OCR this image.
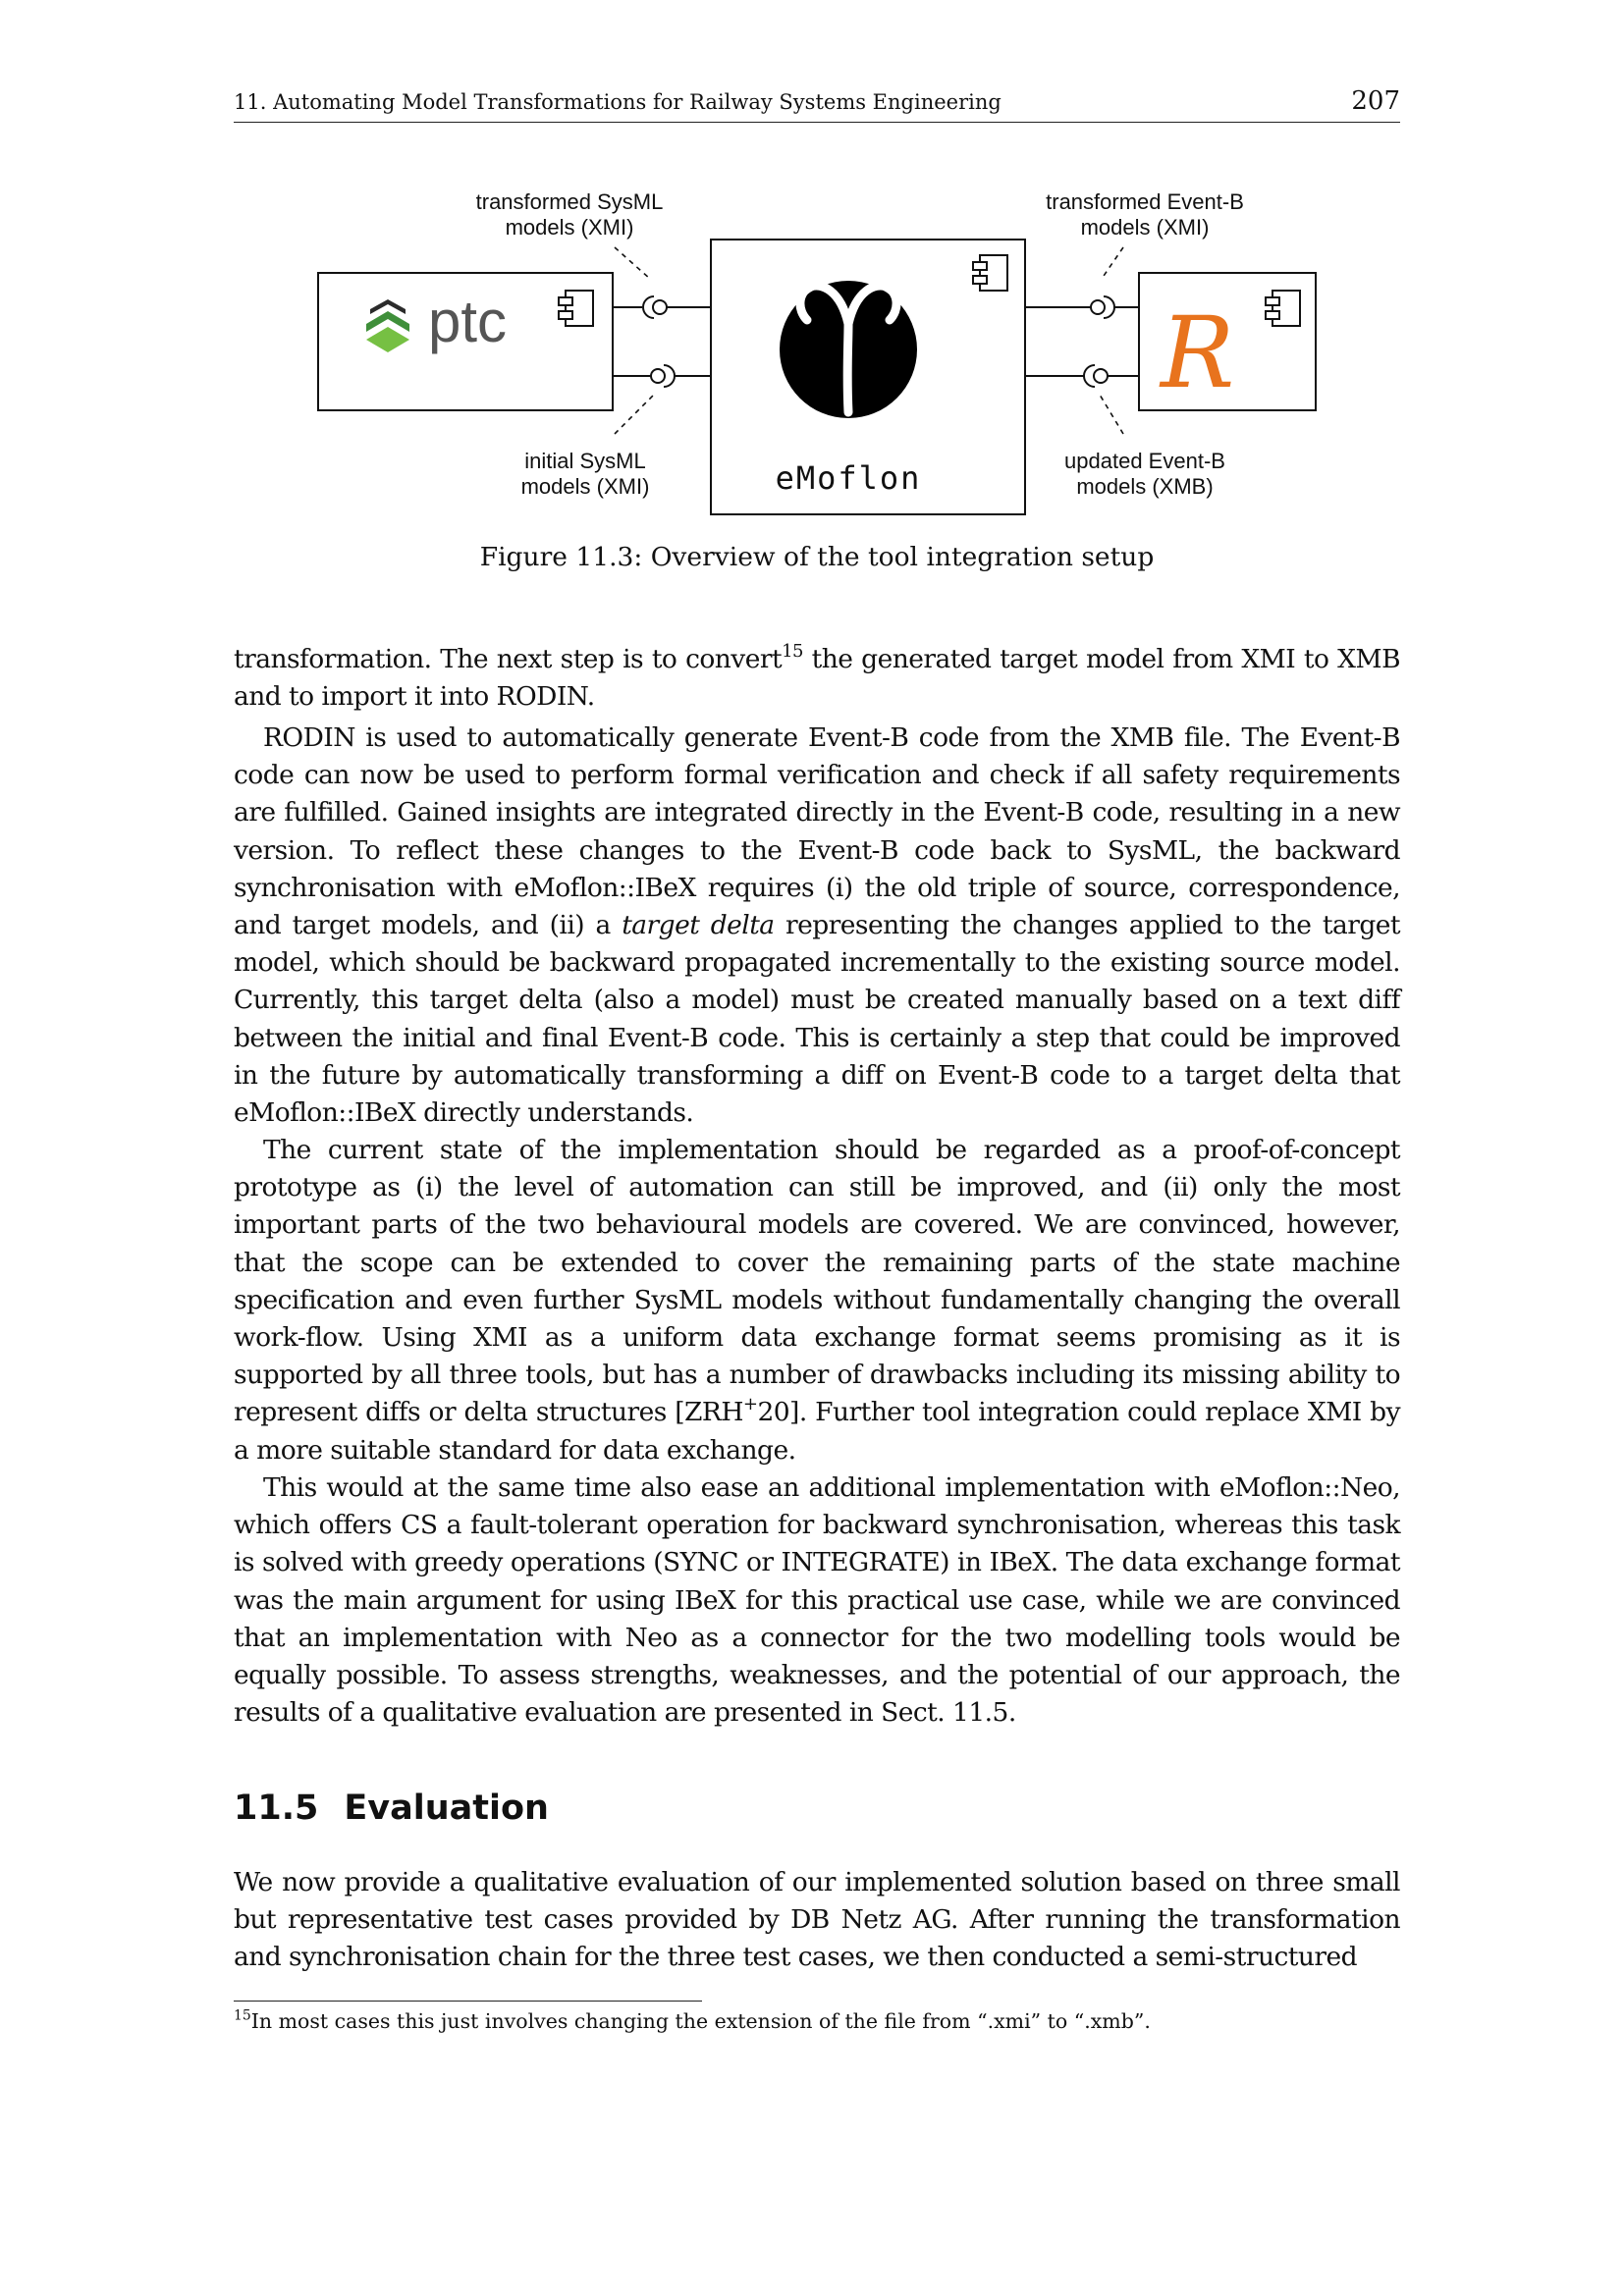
11. Automating Model Transformations for Railway Systems Engineering	207
ptc
eMoflon
R
transformed SysML
models (XMI)
initial SysML
models (XMI)
transformed Event-B
models (XMI)
updated Event-B
models (XMB)
Figure 11.3: Overview of the tool integration setup

transformation. The next step is to convert$^{15}$ the generated target model from XMI to XMB and to import it into RODIN.

RODIN is used to automatically generate Event-B code from the XMB file. The Event-B code can now be used to perform formal verification and check if all safety requirements are fulfilled. Gained insights are integrated directly in the Event-B code, resulting in a new version. To reflect these changes to the Event-B code back to SysML, the backward synchronisation with eMoflon::IBeX requires (i) the old triple of source, correspondence, and target models, and (ii) a target delta representing the changes applied to the target model, which should be backward propagated incrementally to the existing source model. Currently, this target delta (also a model) must be created manually based on a text diff between the initial and final Event-B code. This is certainly a step that could be improved in the future by automatically transforming a diff on Event-B code to a target delta that eMoflon::IBeX directly understands.

The current state of the implementation should be regarded as a proof-of-concept prototype as (i) the level of automation can still be improved, and (ii) only the most important parts of the two behavioural models are covered. We are convinced, however, that the scope can be extended to cover the remaining parts of the state machine specification and even further SysML models without fundamentally changing the overall work-flow. Using XMI as a uniform data exchange format seems promising as it is supported by all three tools, but has a number of drawbacks including its missing ability to represent diffs or delta structures [ZRH+20]. Further tool integration could replace XMI by a more suitable standard for data exchange.

This would at the same time also ease an additional implementation with eMoflon::Neo, which offers CS a fault-tolerant operation for backward synchronisation, whereas this task is solved with greedy operations (SYNC or INTEGRATE) in IBeX. The data exchange format was the main argument for using IBeX for this practical use case, while we are convinced that an implementation with Neo as a connector for the two modelling tools would be equally possible. To assess strengths, weaknesses, and the potential of our approach, the results of a qualitative evaluation are presented in Sect. 11.5.

11.5 Evaluation

We now provide a qualitative evaluation of our implemented solution based on three small but representative test cases provided by DB Netz AG. After running the transformation and synchronisation chain for the three test cases, we then conducted a semi-structured

$^{15}$In most cases this just involves changing the extension of the file from “.xmi” to “.xmb”.
